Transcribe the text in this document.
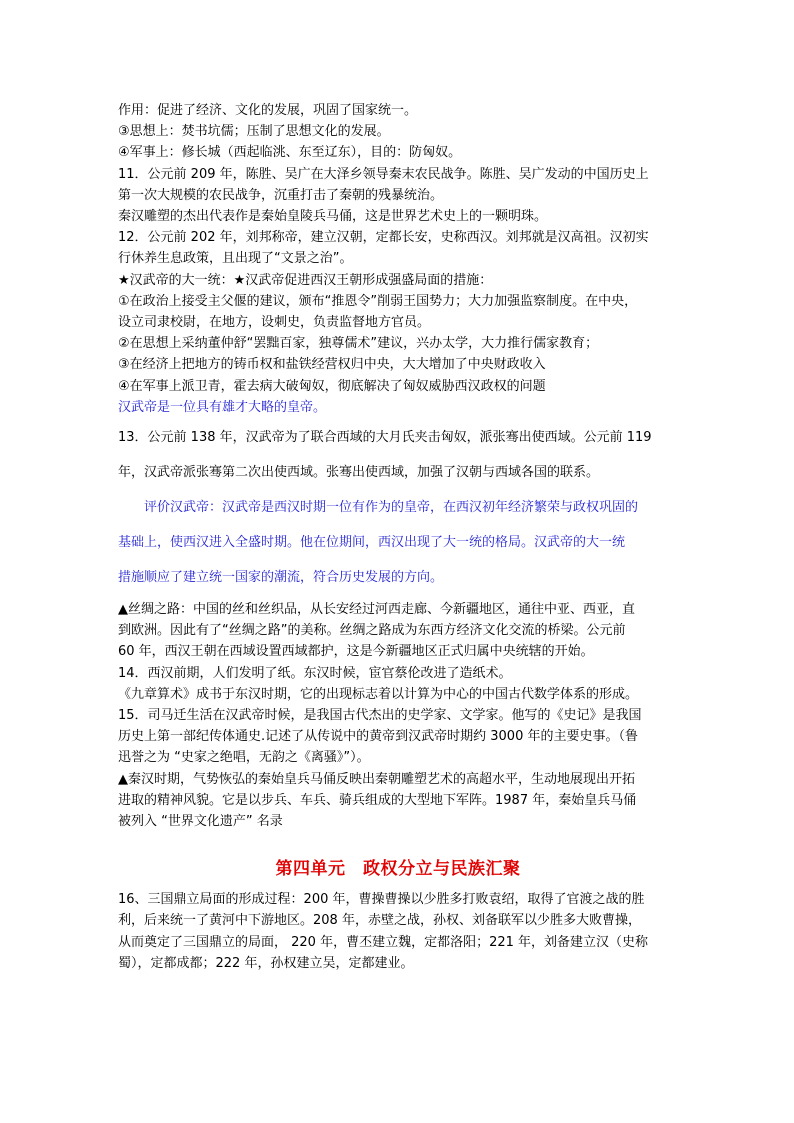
作用：促进了经济、文化的发展，巩固了国家统一。
③思想上：焚书坑儒；压制了思想文化的发展。
④军事上：修长城（西起临洮、东至辽东），目的：防匈奴。
11．公元前 209 年，陈胜、吴广在大泽乡领导秦末农民战争。陈胜、吴广发动的中国历史上
第一次大规模的农民战争，沉重打击了秦朝的残暴统治。
秦汉雕塑的杰出代表作是秦始皇陵兵马俑，这是世界艺术史上的一颗明珠。
12．公元前 202 年，刘邦称帝，建立汉朝，定都长安，史称西汉。刘邦就是汉高祖。汉初实
行休养生息政策，且出现了“文景之治”。
★汉武帝的大一统：★汉武帝促进西汉王朝形成强盛局面的措施：
①在政治上接受主父偃的建议，颁布“推恩令”削弱王国势力；大力加强监察制度。在中央，
设立司隶校尉，在地方，设刺史，负责监督地方官员。
②在思想上采纳董仲舒“罢黜百家，独尊儒术”建议，兴办太学，大力推行儒家教育；
③在经济上把地方的铸币权和盐铁经营权归中央，大大增加了中央财政收入
④在军事上派卫青，霍去病大破匈奴，彻底解决了匈奴威胁西汉政权的问题
汉武帝是一位具有雄才大略的皇帝。
13．公元前 138 年，汉武帝为了联合西域的大月氏夹击匈奴，派张骞出使西域。公元前 119
年，汉武帝派张骞第二次出使西域。张骞出使西域，加强了汉朝与西域各国的联系。
评价汉武帝：汉武帝是西汉时期一位有作为的皇帝，在西汉初年经济繁荣与政权巩固的
基础上，使西汉进入全盛时期。他在位期间，西汉出现了大一统的格局。汉武帝的大一统
措施顺应了建立统一国家的潮流，符合历史发展的方向。
▲丝绸之路：中国的丝和丝织品，从长安经过河西走廊、今新疆地区，通往中亚、西亚，直
到欧洲。因此有了“丝绸之路”的美称。丝绸之路成为东西方经济文化交流的桥梁。公元前
60 年，西汉王朝在西域设置西域都护，这是今新疆地区正式归属中央统辖的开始。
14．西汉前期，人们发明了纸。东汉时候，宦官蔡伦改进了造纸术。
《九章算术》成书于东汉时期，它的出现标志着以计算为中心的中国古代数学体系的形成。
15．司马迁生活在汉武帝时候，是我国古代杰出的史学家、文学家。他写的《史记》是我国
历史上第一部纪传体通史.记述了从传说中的黄帝到汉武帝时期约 3000 年的主要史事。（鲁
迅誉之为 “史家之绝唱，无韵之《离骚》”）。
▲秦汉时期，气势恢弘的秦始皇兵马俑反映出秦朝雕塑艺术的高超水平，生动地展现出开拓
进取的精神风貌。它是以步兵、车兵、骑兵组成的大型地下军阵。1987 年，秦始皇兵马俑
被列入 “世界文化遗产” 名录
第四单元　政权分立与民族汇聚
16、三国鼎立局面的形成过程：200 年，曹操曹操以少胜多打败袁绍，取得了官渡之战的胜
利，后来统一了黄河中下游地区。208 年，赤壁之战，孙权、刘备联军以少胜多大败曹操，
从而奠定了三国鼎立的局面， 220 年，曹丕建立魏，定都洛阳；221 年，刘备建立汉（史称
蜀），定都成都；222 年，孙权建立吴，定都建业。
